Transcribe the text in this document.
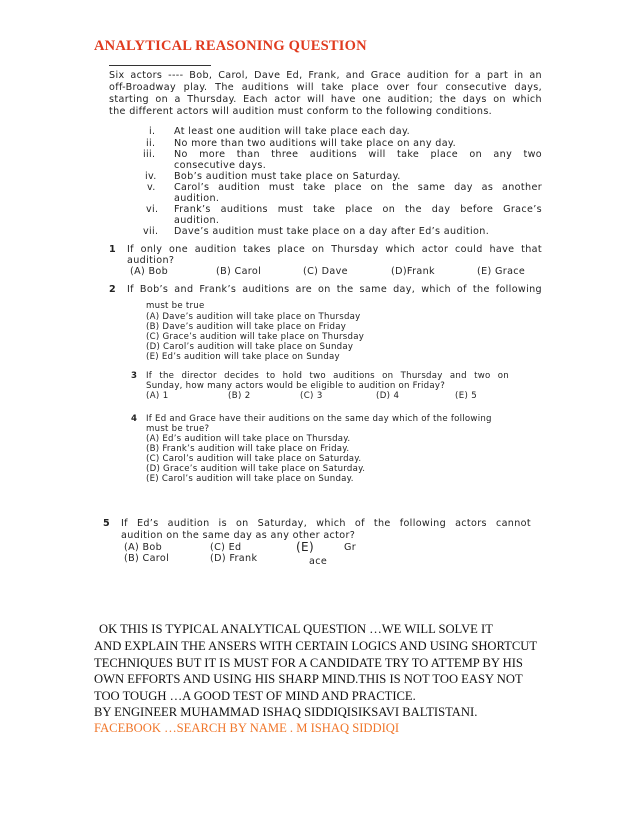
ANALYTICAL REASONING QUESTION
Six actors ---- Bob, Carol, Dave Ed, Frank, and Grace audition for a part in an
off-Broadway play. The auditions will take place over four consecutive days,
starting on a Thursday. Each actor will have one audition; the days on which
the different actors will audition must conform to the following conditions.
i. At least one audition will take place each day.
ii. No more than two auditions will take place on any day.
iii. No more than three auditions will take place on any two
consecutive days.
iv. Bob’s audition must take place on Saturday.
v. Carol’s audition must take place on the same day as another
audition.
vi. Frank’s auditions must take place on the day before Grace’s
audition.
vii. Dave’s audition must take place on a day after Ed’s audition.
1 If only one audition takes place on Thursday which actor could have that
audition?
(A) Bob	(B) Carol	(C) Dave	(D)Frank	(E) Grace
2 If Bob’s and Frank’s auditions are on the same day, which of the following
must be true
(A) Dave’s audition will take place on Thursday
(B) Dave’s audition will take place on Friday
(C) Grace’s audition will take place on Thursday
(D) Carol’s audition will take place on Sunday
(E) Ed’s audition will take place on Sunday
3 If the director decides to hold two auditions on Thursday and two on
Sunday, how many actors would be eligible to audition on Friday?
(A) 1	(B) 2	(C) 3	(D) 4	(E) 5
4 If Ed and Grace have their auditions on the same day which of the following
must be true?
(A) Ed’s audition will take place on Thursday.
(B) Frank’s audition will take place on Friday.
(C) Carol’s audition will take place on Saturday.
(D) Grace’s audition will take place on Saturday.
(E) Carol’s audition will take place on Sunday.
5 If Ed’s audition is on Saturday, which of the following actors cannot
audition on the same day as any other actor?
(A) Bob
(B) Carol
(C) Ed
(D) Frank
(E)	Gr
ace
OK THIS IS TYPICAL ANALYTICAL QUESTION …WE WILL SOLVE IT
AND EXPLAIN THE ANSERS WITH CERTAIN LOGICS AND USING SHORTCUT
TECHNIQUES BUT IT IS MUST FOR A CANDIDATE TRY TO ATTEMP BY HIS
OWN EFFORTS AND USING HIS SHARP MIND.THIS IS NOT TOO EASY NOT
TOO TOUGH …A GOOD TEST OF MIND AND PRACTICE.
BY ENGINEER MUHAMMAD ISHAQ SIDDIQISIKSAVI BALTISTANI.
FACEBOOK …SEARCH BY NAME . M ISHAQ SIDDIQI
